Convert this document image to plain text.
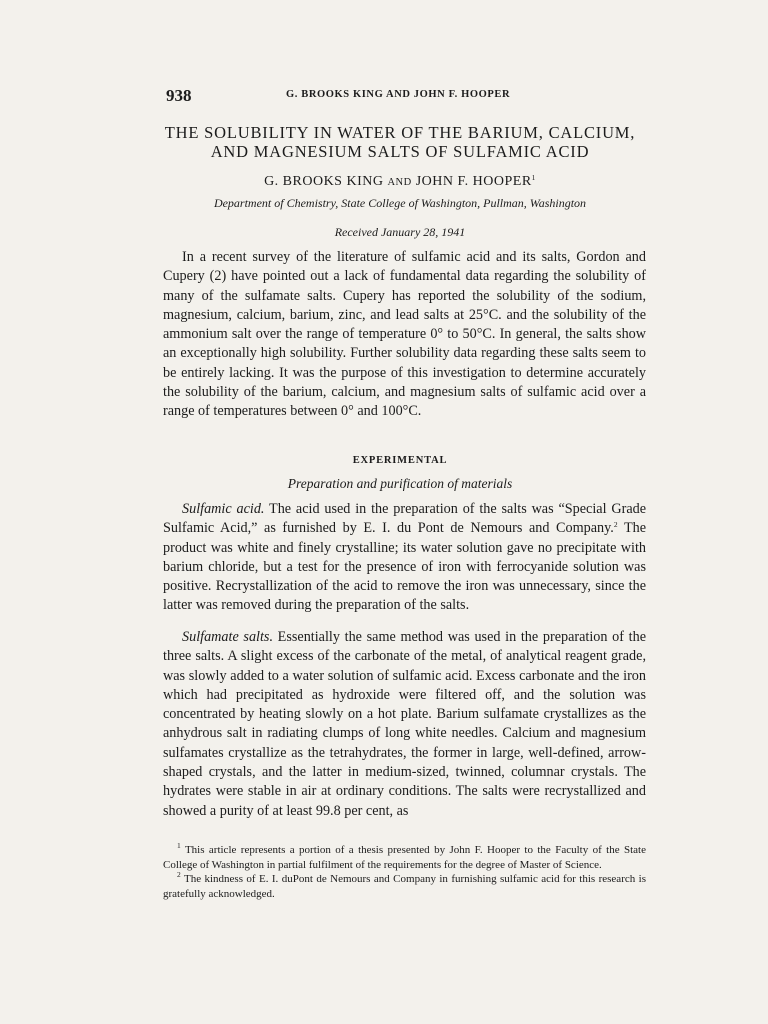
938	G. BROOKS KING AND JOHN F. HOOPER
THE SOLUBILITY IN WATER OF THE BARIUM, CALCIUM,
AND MAGNESIUM SALTS OF SULFAMIC ACID
G. BROOKS KING AND JOHN F. HOOPER$^1$
Department of Chemistry, State College of Washington, Pullman, Washington
Received January 28, 1941

In a recent survey of the literature of sulfamic acid and its salts, Gordon and Cupery (2) have pointed out a lack of fundamental data regarding the solubility of many of the sulfamate salts. Cupery has reported the solubility of the sodium, magnesium, calcium, barium, zinc, and lead salts at 25°C. and the solubility of the ammonium salt over the range of temperature 0° to 50°C. In general, the salts show an exceptionally high solubility. Further solubility data regarding these salts seem to be entirely lacking. It was the purpose of this investigation to determine accurately the solubility of the barium, calcium, and magnesium salts of sulfamic acid over a range of temperatures between 0° and 100°C.

EXPERIMENTAL
Preparation and purification of materials

Sulfamic acid. The acid used in the preparation of the salts was “Special Grade Sulfamic Acid,” as furnished by E. I. du Pont de Nemours and Company.$^2$ The product was white and finely crystalline; its water solution gave no precipitate with barium chloride, but a test for the presence of iron with ferrocyanide solution was positive. Recrystallization of the acid to remove the iron was unnecessary, since the latter was removed during the preparation of the salts.

Sulfamate salts. Essentially the same method was used in the preparation of the three salts. A slight excess of the carbonate of the metal, of analytical reagent grade, was slowly added to a water solution of sulfamic acid. Excess carbonate and the iron which had precipitated as hydroxide were filtered off, and the solution was concentrated by heating slowly on a hot plate. Barium sulfamate crystallizes as the anhydrous salt in radiating clumps of long white needles. Calcium and magnesium sulfamates crystallize as the tetrahydrates, the former in large, well-defined, arrow-shaped crystals, and the latter in medium-sized, twinned, columnar crystals. The hydrates were stable in air at ordinary conditions. The salts were recrystallized and showed a purity of at least 99.8 per cent, as

$^1$ This article represents a portion of a thesis presented by John F. Hooper to the Faculty of the State College of Washington in partial fulfilment of the requirements for the degree of Master of Science.

$^2$ The kindness of E. I. duPont de Nemours and Company in furnishing sulfamic acid for this research is gratefully acknowledged.
